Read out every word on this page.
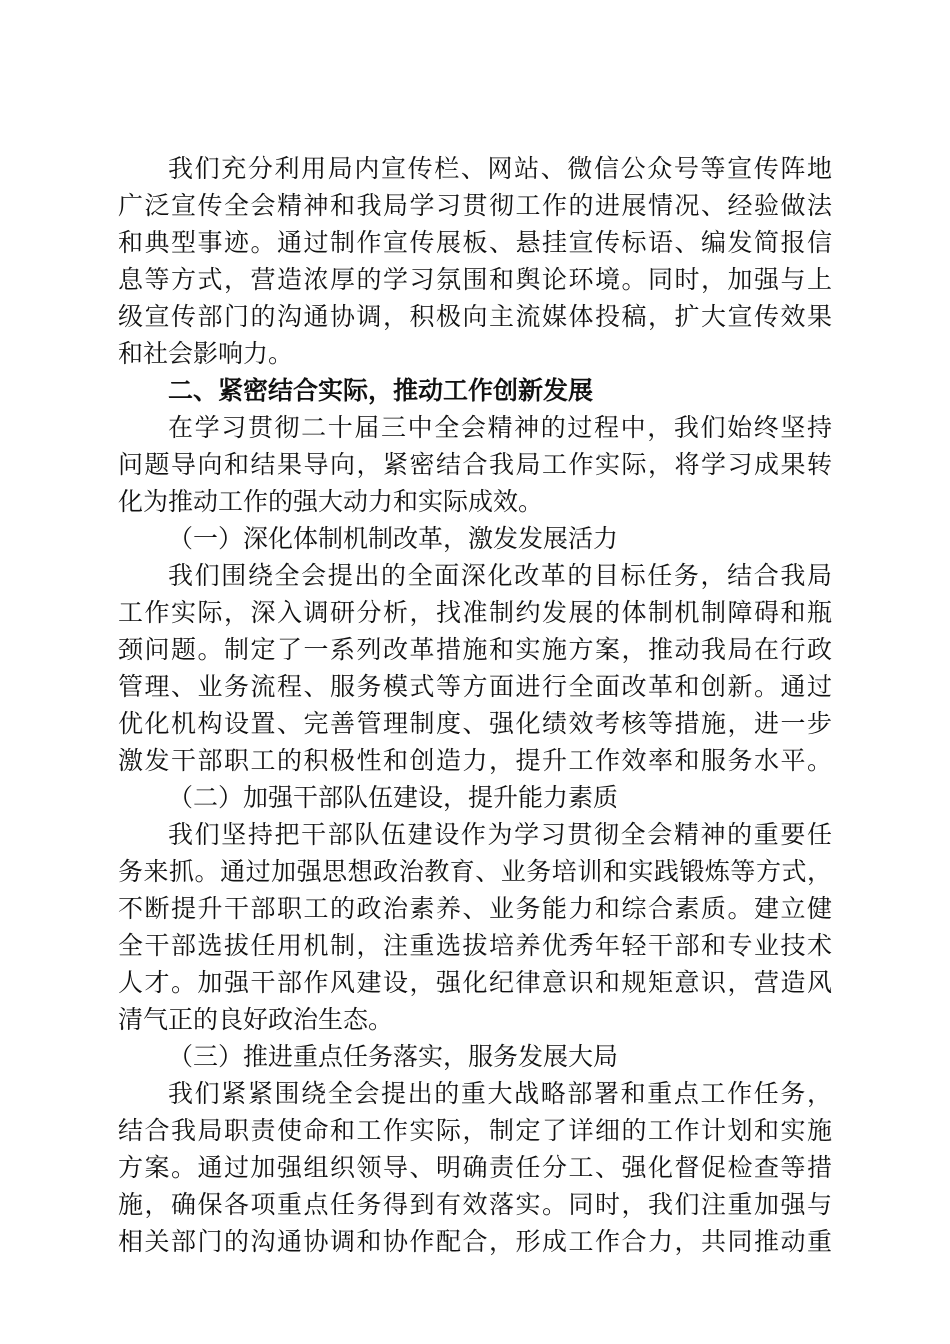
我们充分利用局内宣传栏、网站、微信公众号等宣传阵地
广泛宣传全会精神和我局学习贯彻工作的进展情况、经验做法
和典型事迹。通过制作宣传展板、悬挂宣传标语、编发简报信
息等方式，营造浓厚的学习氛围和舆论环境。同时，加强与上
级宣传部门的沟通协调，积极向主流媒体投稿，扩大宣传效果
和社会影响力。
二、紧密结合实际，推动工作创新发展
在学习贯彻二十届三中全会精神的过程中，我们始终坚持
问题导向和结果导向，紧密结合我局工作实际，将学习成果转
化为推动工作的强大动力和实际成效。
（一）深化体制机制改革，激发发展活力
我们围绕全会提出的全面深化改革的目标任务，结合我局
工作实际，深入调研分析，找准制约发展的体制机制障碍和瓶
颈问题。制定了一系列改革措施和实施方案，推动我局在行政
管理、业务流程、服务模式等方面进行全面改革和创新。通过
优化机构设置、完善管理制度、强化绩效考核等措施，进一步
激发干部职工的积极性和创造力，提升工作效率和服务水平。
（二）加强干部队伍建设，提升能力素质
我们坚持把干部队伍建设作为学习贯彻全会精神的重要任
务来抓。通过加强思想政治教育、业务培训和实践锻炼等方式，
不断提升干部职工的政治素养、业务能力和综合素质。建立健
全干部选拔任用机制，注重选拔培养优秀年轻干部和专业技术
人才。加强干部作风建设，强化纪律意识和规矩意识，营造风
清气正的良好政治生态。
（三）推进重点任务落实，服务发展大局
我们紧紧围绕全会提出的重大战略部署和重点工作任务，
结合我局职责使命和工作实际，制定了详细的工作计划和实施
方案。通过加强组织领导、明确责任分工、强化督促检查等措
施，确保各项重点任务得到有效落实。同时，我们注重加强与
相关部门的沟通协调和协作配合，形成工作合力，共同推动重
